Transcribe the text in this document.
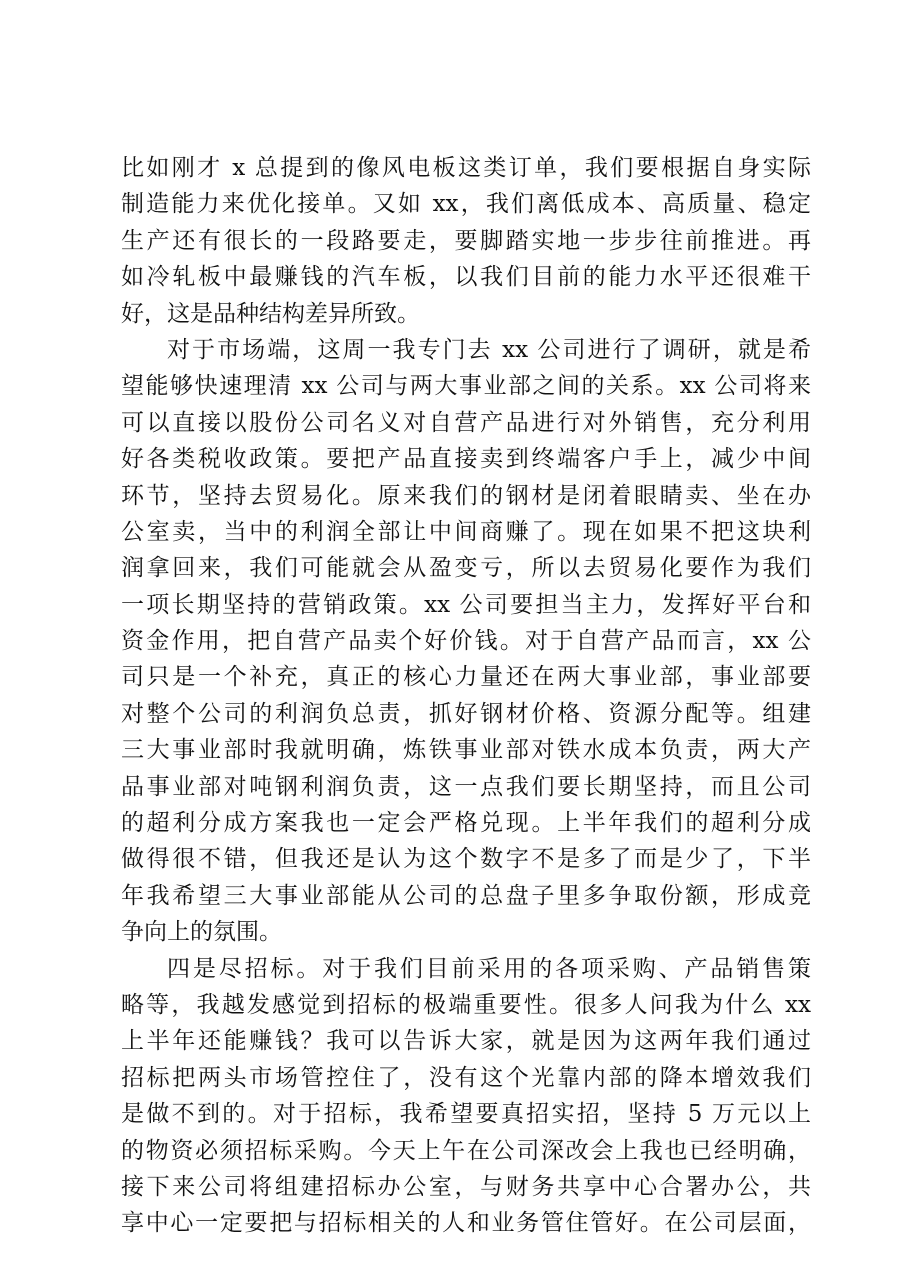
比如刚才 x 总提到的像风电板这类订单，我们要根据自身实际
制造能力来优化接单。又如 xx，我们离低成本、高质量、稳定
生产还有很长的一段路要走，要脚踏实地一步步往前推进。再
如冷轧板中最赚钱的汽车板，以我们目前的能力水平还很难干
好，这是品种结构差异所致。
对于市场端，这周一我专门去 xx 公司进行了调研，就是希
望能够快速理清 xx 公司与两大事业部之间的关系。xx 公司将来
可以直接以股份公司名义对自营产品进行对外销售，充分利用
好各类税收政策。要把产品直接卖到终端客户手上，减少中间
环节，坚持去贸易化。原来我们的钢材是闭着眼睛卖、坐在办
公室卖，当中的利润全部让中间商赚了。现在如果不把这块利
润拿回来，我们可能就会从盈变亏，所以去贸易化要作为我们
一项长期坚持的营销政策。xx 公司要担当主力，发挥好平台和
资金作用，把自营产品卖个好价钱。对于自营产品而言，xx 公
司只是一个补充，真正的核心力量还在两大事业部，事业部要
对整个公司的利润负总责，抓好钢材价格、资源分配等。组建
三大事业部时我就明确，炼铁事业部对铁水成本负责，两大产
品事业部对吨钢利润负责，这一点我们要长期坚持，而且公司
的超利分成方案我也一定会严格兑现。上半年我们的超利分成
做得很不错，但我还是认为这个数字不是多了而是少了，下半
年我希望三大事业部能从公司的总盘子里多争取份额，形成竞
争向上的氛围。
四是尽招标。对于我们目前采用的各项采购、产品销售策
略等，我越发感觉到招标的极端重要性。很多人问我为什么 xx
上半年还能赚钱？我可以告诉大家，就是因为这两年我们通过
招标把两头市场管控住了，没有这个光靠内部的降本增效我们
是做不到的。对于招标，我希望要真招实招，坚持 5 万元以上
的物资必须招标采购。今天上午在公司深改会上我也已经明确，
接下来公司将组建招标办公室，与财务共享中心合署办公，共
享中心一定要把与招标相关的人和业务管住管好。在公司层面，
